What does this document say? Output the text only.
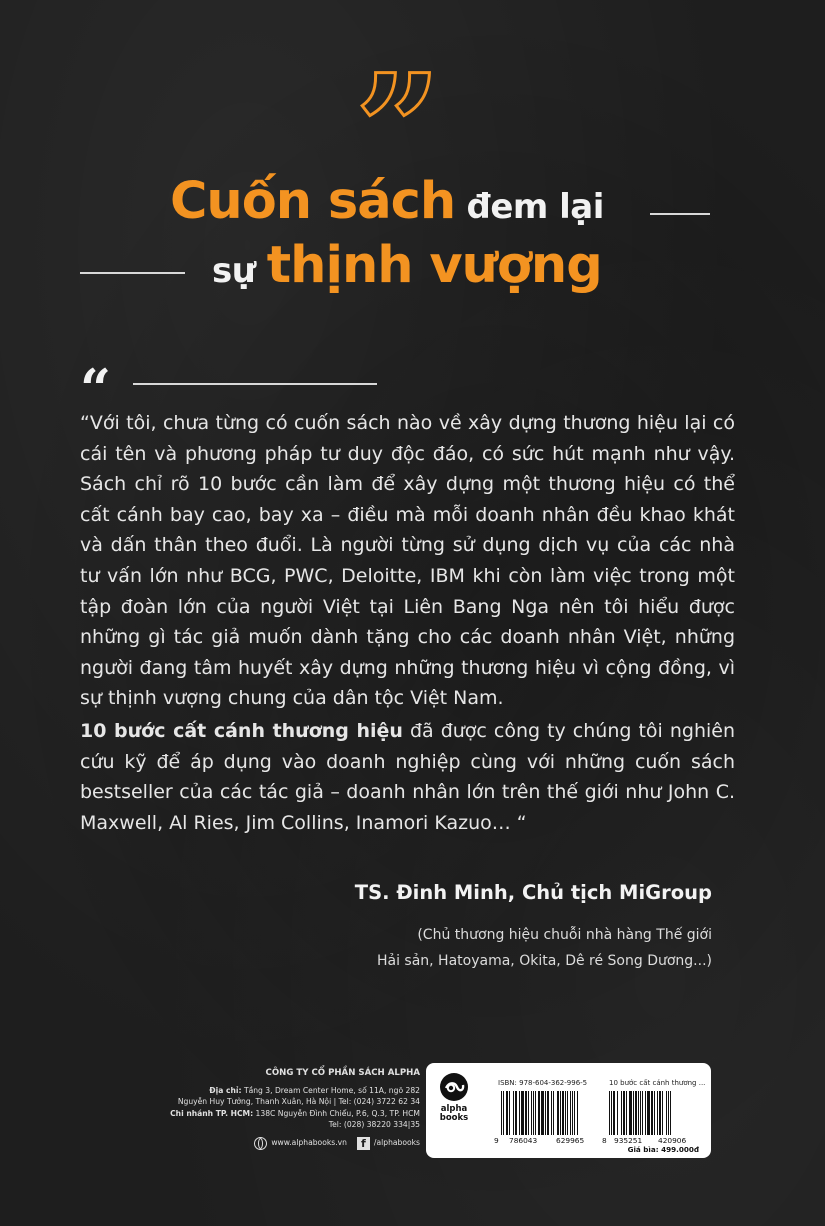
”
Cuốn sách đem lại
sự thịnh vượng
“

“Với tôi, chưa từng có cuốn sách nào về xây dựng thương hiệu lại có cái tên và phương pháp tư duy độc đáo, có sức hút mạnh như vậy. Sách chỉ rõ 10 bước cần làm để xây dựng một thương hiệu có thể cất cánh bay cao, bay xa – điều mà mỗi doanh nhân đều khao khát và dấn thân theo đuổi. Là người từng sử dụng dịch vụ của các nhà tư vấn lớn như BCG, PWC, Deloitte, IBM khi còn làm việc trong một tập đoàn lớn của người Việt tại Liên Bang Nga nên tôi hiểu được những gì tác giả muốn dành tặng cho các doanh nhân Việt, những người đang tâm huyết xây dựng những thương hiệu vì cộng đồng, vì sự thịnh vượng chung của dân tộc Việt Nam.

10 bước cất cánh thương hiệu đã được công ty chúng tôi nghiên cứu kỹ để áp dụng vào doanh nghiệp cùng với những cuốn sách bestseller của các tác giả – doanh nhân lớn trên thế giới như John C. Maxwell, Al Ries, Jim Collins, Inamori Kazuo… “

TS. Đinh Minh, Chủ tịch MiGroup
(Chủ thương hiệu chuỗi nhà hàng Thế giới
Hải sản, Hatoyama, Okita, Dê ré Song Dương...)
CÔNG TY CỔ PHẦN SÁCH ALPHA
Địa chỉ: Tầng 3, Dream Center Home, số 11A, ngõ 282
Nguyễn Huy Tưởng, Thanh Xuân, Hà Nội | Tel: (024) 3722 62 34
Chi nhánh TP. HCM: 138C Nguyễn Đình Chiểu, P.6, Q.3, TP. HCM
Tel: (028) 38220 334|35
www.alphabooks.vn	f	/alphabooks
alpha
books
ISBN: 978-604-362-996-5	10 bước cất cánh thương ...
9 786043	629965 8 935251 420906
Giá bìa: 499.000đ
